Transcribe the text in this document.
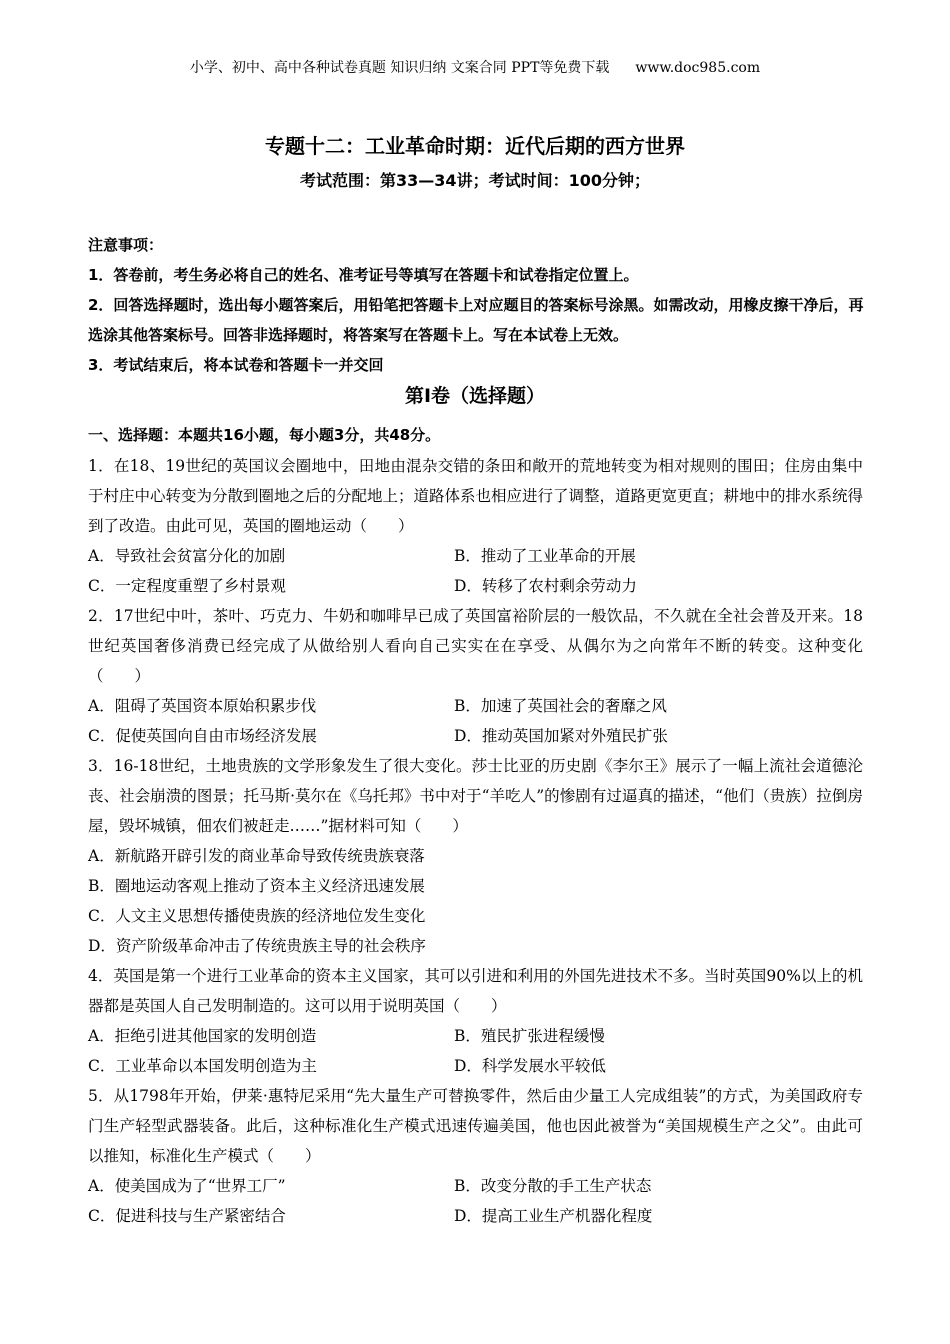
小学、初中、高中各种试卷真题 知识归纳 文案合同 PPT等免费下载 www.doc985.com
专题十二：工业革命时期：近代后期的西方世界
考试范围：第33—34讲；考试时间：100分钟；
注意事项：
1．答卷前，考生务必将自己的姓名、准考证号等填写在答题卡和试卷指定位置上。
2．回答选择题时，选出每小题答案后，用铅笔把答题卡上对应题目的答案标号涂黑。如需改动，用橡皮擦干净后，再选涂其他答案标号。回答非选择题时，将答案写在答题卡上。写在本试卷上无效。
3．考试结束后，将本试卷和答题卡一并交回
第I卷（选择题）
一、选择题：本题共16小题，每小题3分，共48分。
1．在18、19世纪的英国议会圈地中，田地由混杂交错的条田和敞开的荒地转变为相对规则的围田；住房由集中于村庄中心转变为分散到圈地之后的分配地上；道路体系也相应进行了调整，道路更宽更直；耕地中的排水系统得到了改造。由此可见，英国的圈地运动（　　）
A．导致社会贫富分化的加剧	B．推动了工业革命的开展
C．一定程度重塑了乡村景观	D．转移了农村剩余劳动力
2．17世纪中叶，茶叶、巧克力、牛奶和咖啡早已成了英国富裕阶层的一般饮品，不久就在全社会普及开来。18世纪英国奢侈消费已经完成了从做给别人看向自己实实在在享受、从偶尔为之向常年不断的转变。这种变化（　　）
A．阻碍了英国资本原始积累步伐	B．加速了英国社会的奢靡之风
C．促使英国向自由市场经济发展	D．推动英国加紧对外殖民扩张
3．16-18世纪，土地贵族的文学形象发生了很大变化。莎士比亚的历史剧《李尔王》展示了一幅上流社会道德沦丧、社会崩溃的图景；托马斯·莫尔在《乌托邦》书中对于“羊吃人”的惨剧有过逼真的描述，“他们（贵族）拉倒房屋，毁坏城镇，佃农们被赶走……”据材料可知（　　）
A．新航路开辟引发的商业革命导致传统贵族衰落
B．圈地运动客观上推动了资本主义经济迅速发展
C．人文主义思想传播使贵族的经济地位发生变化
D．资产阶级革命冲击了传统贵族主导的社会秩序
4．英国是第一个进行工业革命的资本主义国家，其可以引进和利用的外国先进技术不多。当时英国90%以上的机器都是英国人自己发明制造的。这可以用于说明英国（　　）
A．拒绝引进其他国家的发明创造	B．殖民扩张进程缓慢
C．工业革命以本国发明创造为主	D．科学发展水平较低
5．从1798年开始，伊莱·惠特尼采用“先大量生产可替换零件，然后由少量工人完成组装”的方式，为美国政府专门生产轻型武器装备。此后，这种标准化生产模式迅速传遍美国，他也因此被誉为“美国规模生产之父”。由此可以推知，标准化生产模式（　　）
A．使美国成为了“世界工厂”	B．改变分散的手工生产状态
C．促进科技与生产紧密结合	D．提高工业生产机器化程度
